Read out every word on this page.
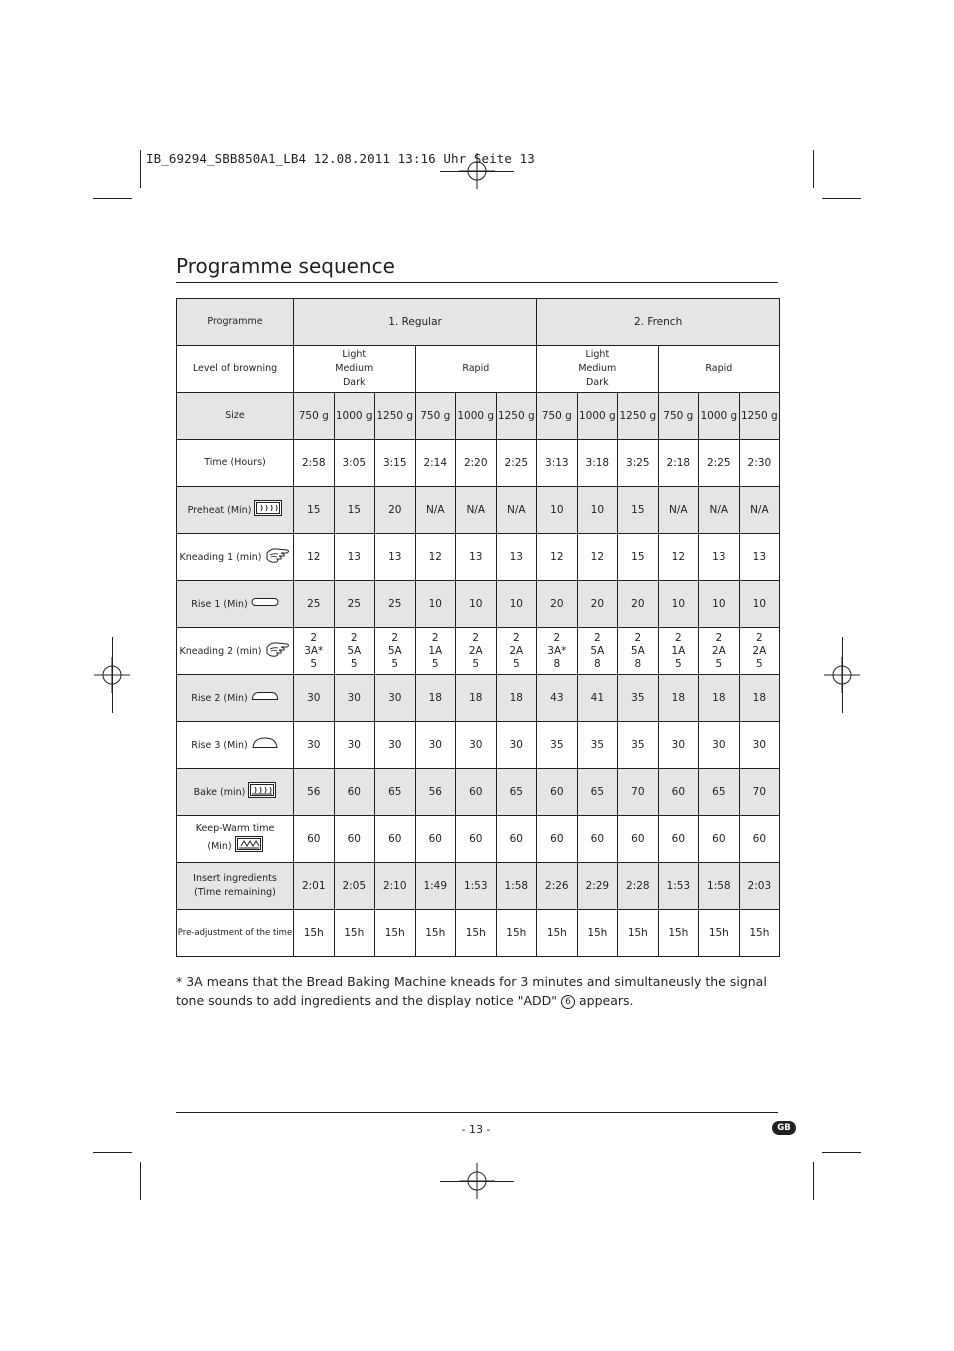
IB_69294_SBB850A1_LB4 12.08.2011 13:16 Uhr Seite 13
Programme sequence
Programme	1. Regular						2. French					
Level of browning	Light
Medium
Dark			Rapid			Light
Medium
Dark			Rapid		
Size	750 g	1000 g	1250 g	750 g	1000 g	1250 g	750 g	1000 g	1250 g	750 g	1000 g	1250 g
Time (Hours)	2:58	3:05	3:15	2:14	2:20	2:25	3:13	3:18	3:25	2:18	2:25	2:30
Preheat (Min)	15	15	20	N/A	N/A	N/A	10	10	15	N/A	N/A	N/A
Kneading 1 (min)	12	13	13	12	13	13	12	12	15	12	13	13
Rise 1 (Min)	25	25	25	10	10	10	20	20	20	10	10	10
Kneading 2 (min)	2
3A*
5	2
5A
5	2
5A
5	2
1A
5	2
2A
5	2
2A
5	2
3A*
8	2
5A
8	2
5A
8	2
1A
5	2
2A
5	2
2A
5
Rise 2 (Min)	30	30	30	18	18	18	43	41	35	18	18	18
Rise 3 (Min)	30	30	30	30	30	30	35	35	35	30	30	30
Bake (min)	56	60	65	56	60	65	60	65	70	60	65	70
Keep-Warm time
(Min)	60	60	60	60	60	60	60	60	60	60	60	60
Insert ingredients
(Time remaining)	2:01	2:05	2:10	1:49	1:53	1:58	2:26	2:29	2:28	1:53	1:58	2:03
Pre-adjustment of the time	15h	15h	15h	15h	15h	15h	15h	15h	15h	15h	15h	15h
* 3A means that the Bread Baking Machine kneads for 3 minutes and simultaneusly the signal tone sounds to add ingredients and the display notice "ADD" 6 appears.
- 13 -	GB
